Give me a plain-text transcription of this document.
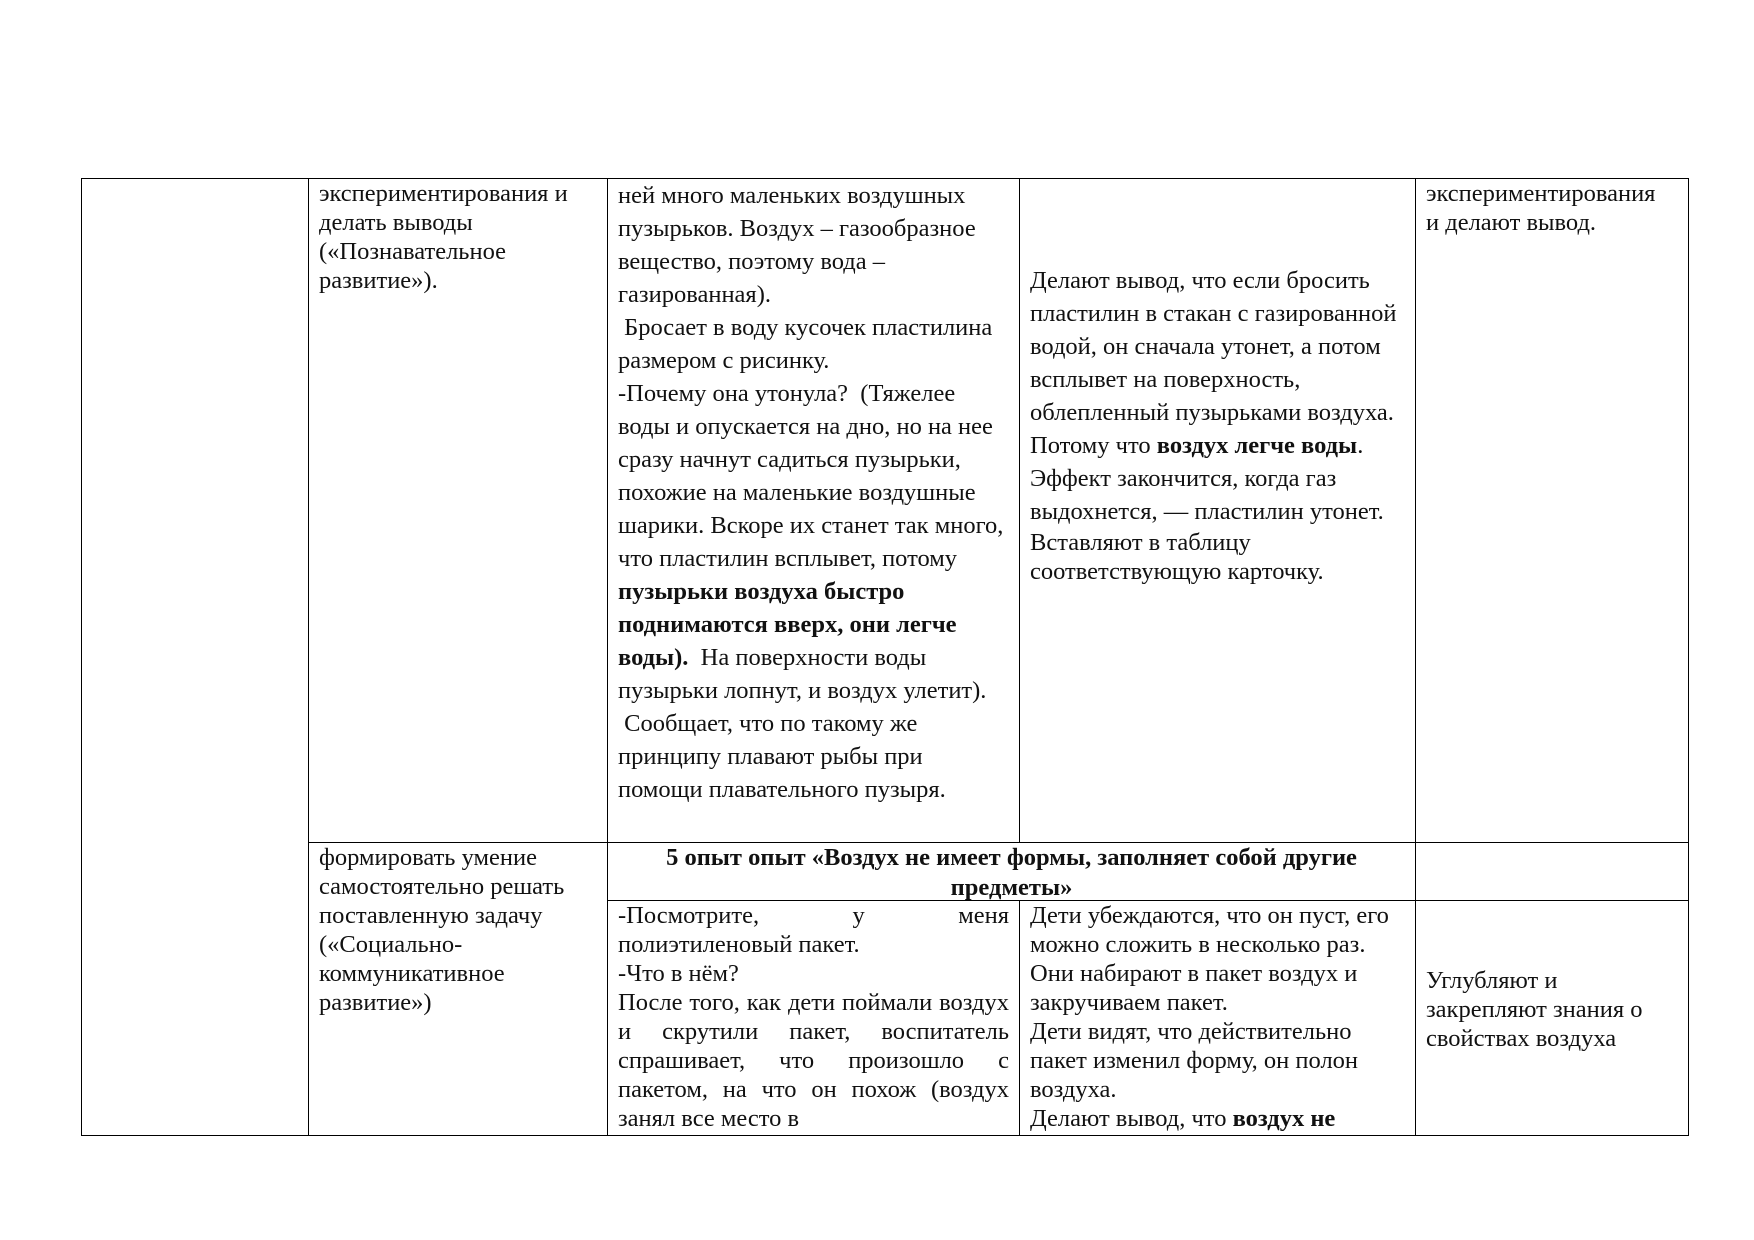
экспериментирования и

делать выводы

(«Познавательное

развитие»).

ней много маленьких воздушных пузырьков. Воздух – газообразное вещество, поэтому вода – газированная).

Бросает в воду кусочек пластилина размером с рисинку.

-Почему она утонула?  (Тяжелее воды и опускается на дно, но на нее сразу начнут садиться пузырьки, похожие на маленькие воздушные шарики. Вскоре их станет так много, что пластилин всплывет, потому пузырьки воздуха быстро поднимаются вверх, они легче воды).  На поверхности воды пузырьки лопнут, и воздух улетит).

Сообщает, что по такому же принципу плавают рыбы при помощи плавательного пузыря.

Делают вывод, что если бросить пластилин в стакан с газированной водой, он сначала утонет, а потом всплывет на поверхность, облепленный пузырьками воздуха. Потому что воздух легче воды. Эффект закончится, когда газ выдохнется, — пластилин утонет.

Вставляют в таблицу соответствующую карточку.

экспериментирования

и делают вывод.

формировать умение

самостоятельно решать

поставленную задачу

(«Социально-

коммуникативное

развитие»)

5 опыт опыт «Воздух не имеет формы, заполняет собой другие предметы»

-Посмотрите, у меня полиэтиленовый пакет.

-Что в нём?

После того, как дети поймали воздух и скрутили пакет, воспитатель спрашивает, что произошло с пакетом, на что он похож (воздух занял все место в

Дети убеждаются, что он пуст, его

можно сложить в несколько раз.

Они набирают в пакет воздух и

закручиваем пакет.

Дети видят, что действительно

пакет изменил форму, он полон

воздуха.

Делают вывод, что воздух не

Углубляют и

закрепляют знания о

свойствах воздуха
